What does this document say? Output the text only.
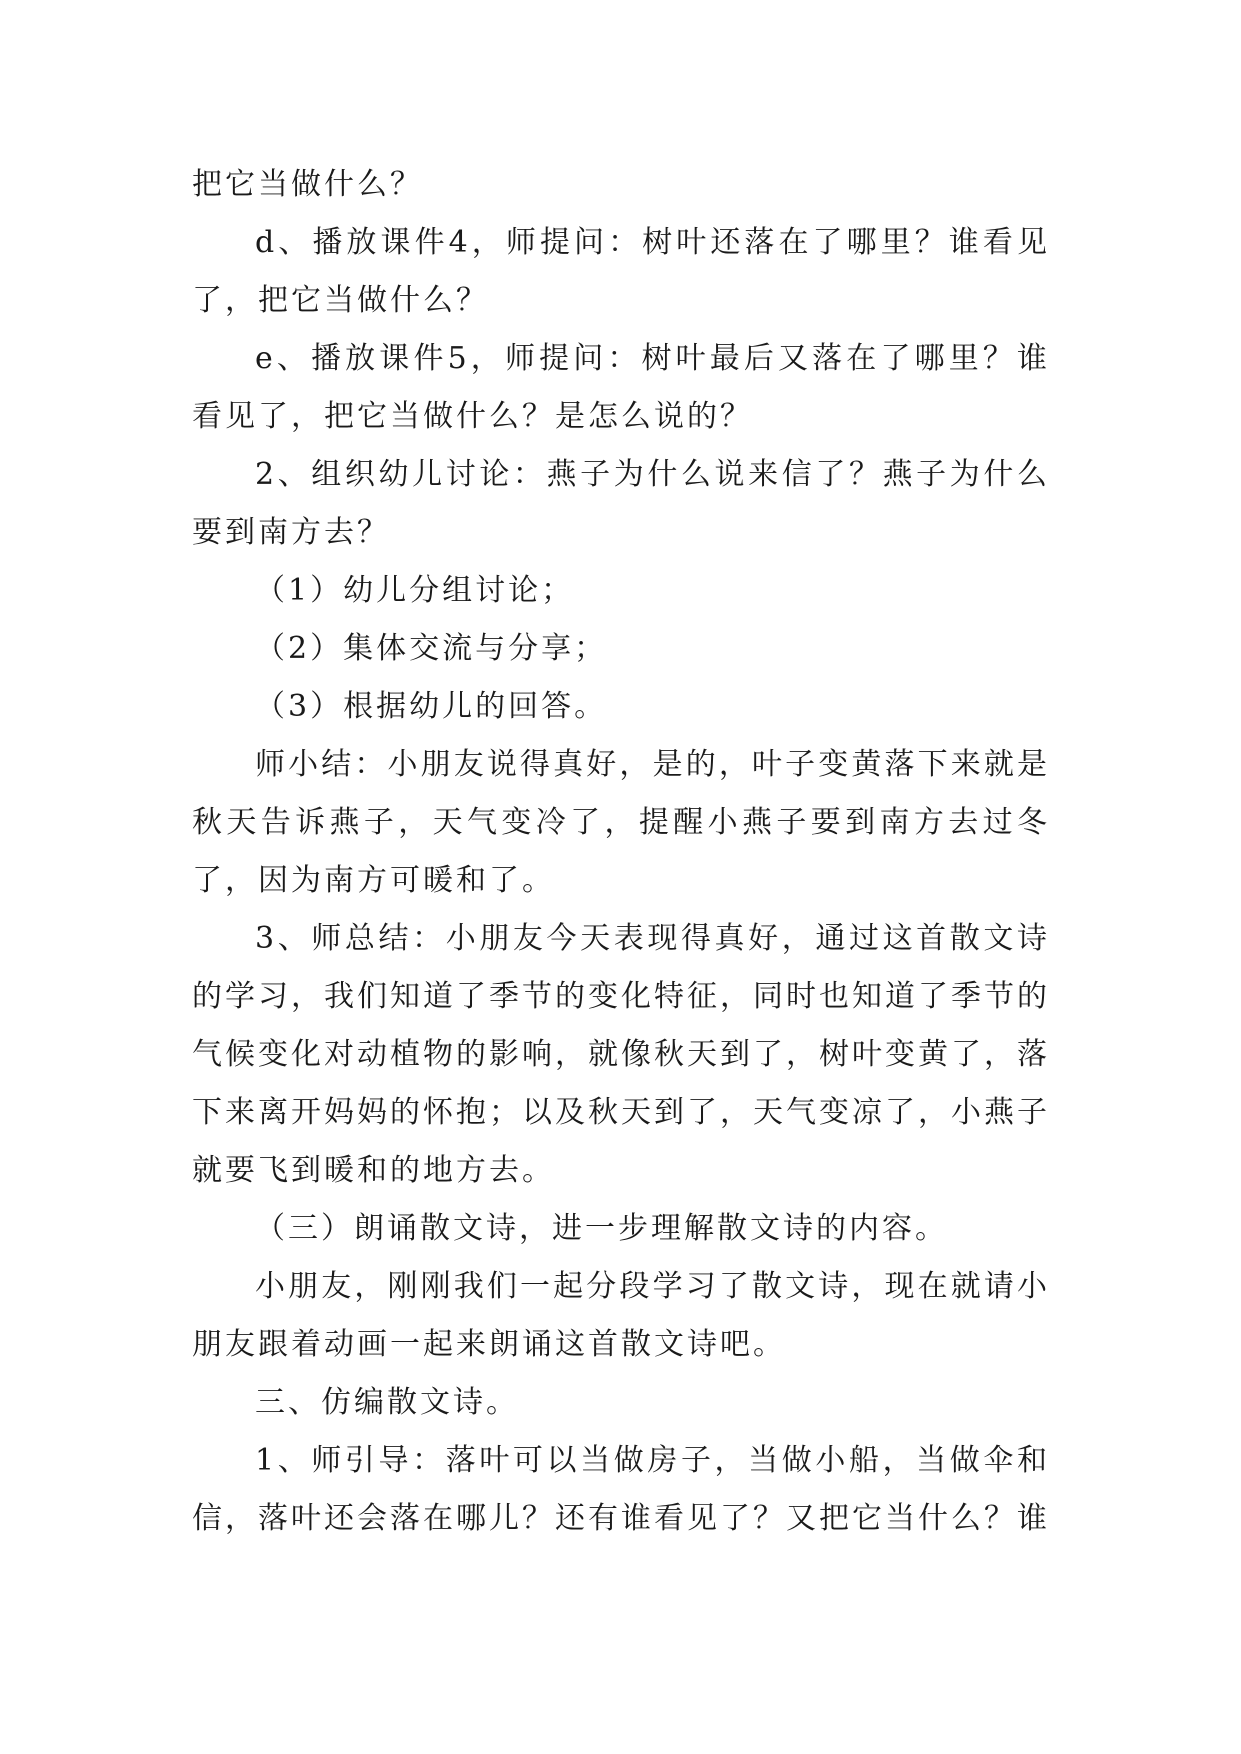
把它当做什么？

d、播放课件4，师提问：树叶还落在了哪里？谁看见了，把它当做什么？

e、播放课件5，师提问：树叶最后又落在了哪里？谁看见了，把它当做什么？是怎么说的？

2、组织幼儿讨论：燕子为什么说来信了？燕子为什么要到南方去？

（1）幼儿分组讨论；

（2）集体交流与分享；

（3）根据幼儿的回答。

师小结：小朋友说得真好，是的，叶子变黄落下来就是秋天告诉燕子，天气变冷了，提醒小燕子要到南方去过冬了，因为南方可暖和了。

3、师总结：小朋友今天表现得真好，通过这首散文诗的学习，我们知道了季节的变化特征，同时也知道了季节的气候变化对动植物的影响，就像秋天到了，树叶变黄了，落下来离开妈妈的怀抱；以及秋天到了，天气变凉了，小燕子就要飞到暖和的地方去。

（三）朗诵散文诗，进一步理解散文诗的内容。

小朋友，刚刚我们一起分段学习了散文诗，现在就请小朋友跟着动画一起来朗诵这首散文诗吧。

三、仿编散文诗。

1、师引导：落叶可以当做房子，当做小船，当做伞和信，落叶还会落在哪儿？还有谁看见了？又把它当什么？谁
